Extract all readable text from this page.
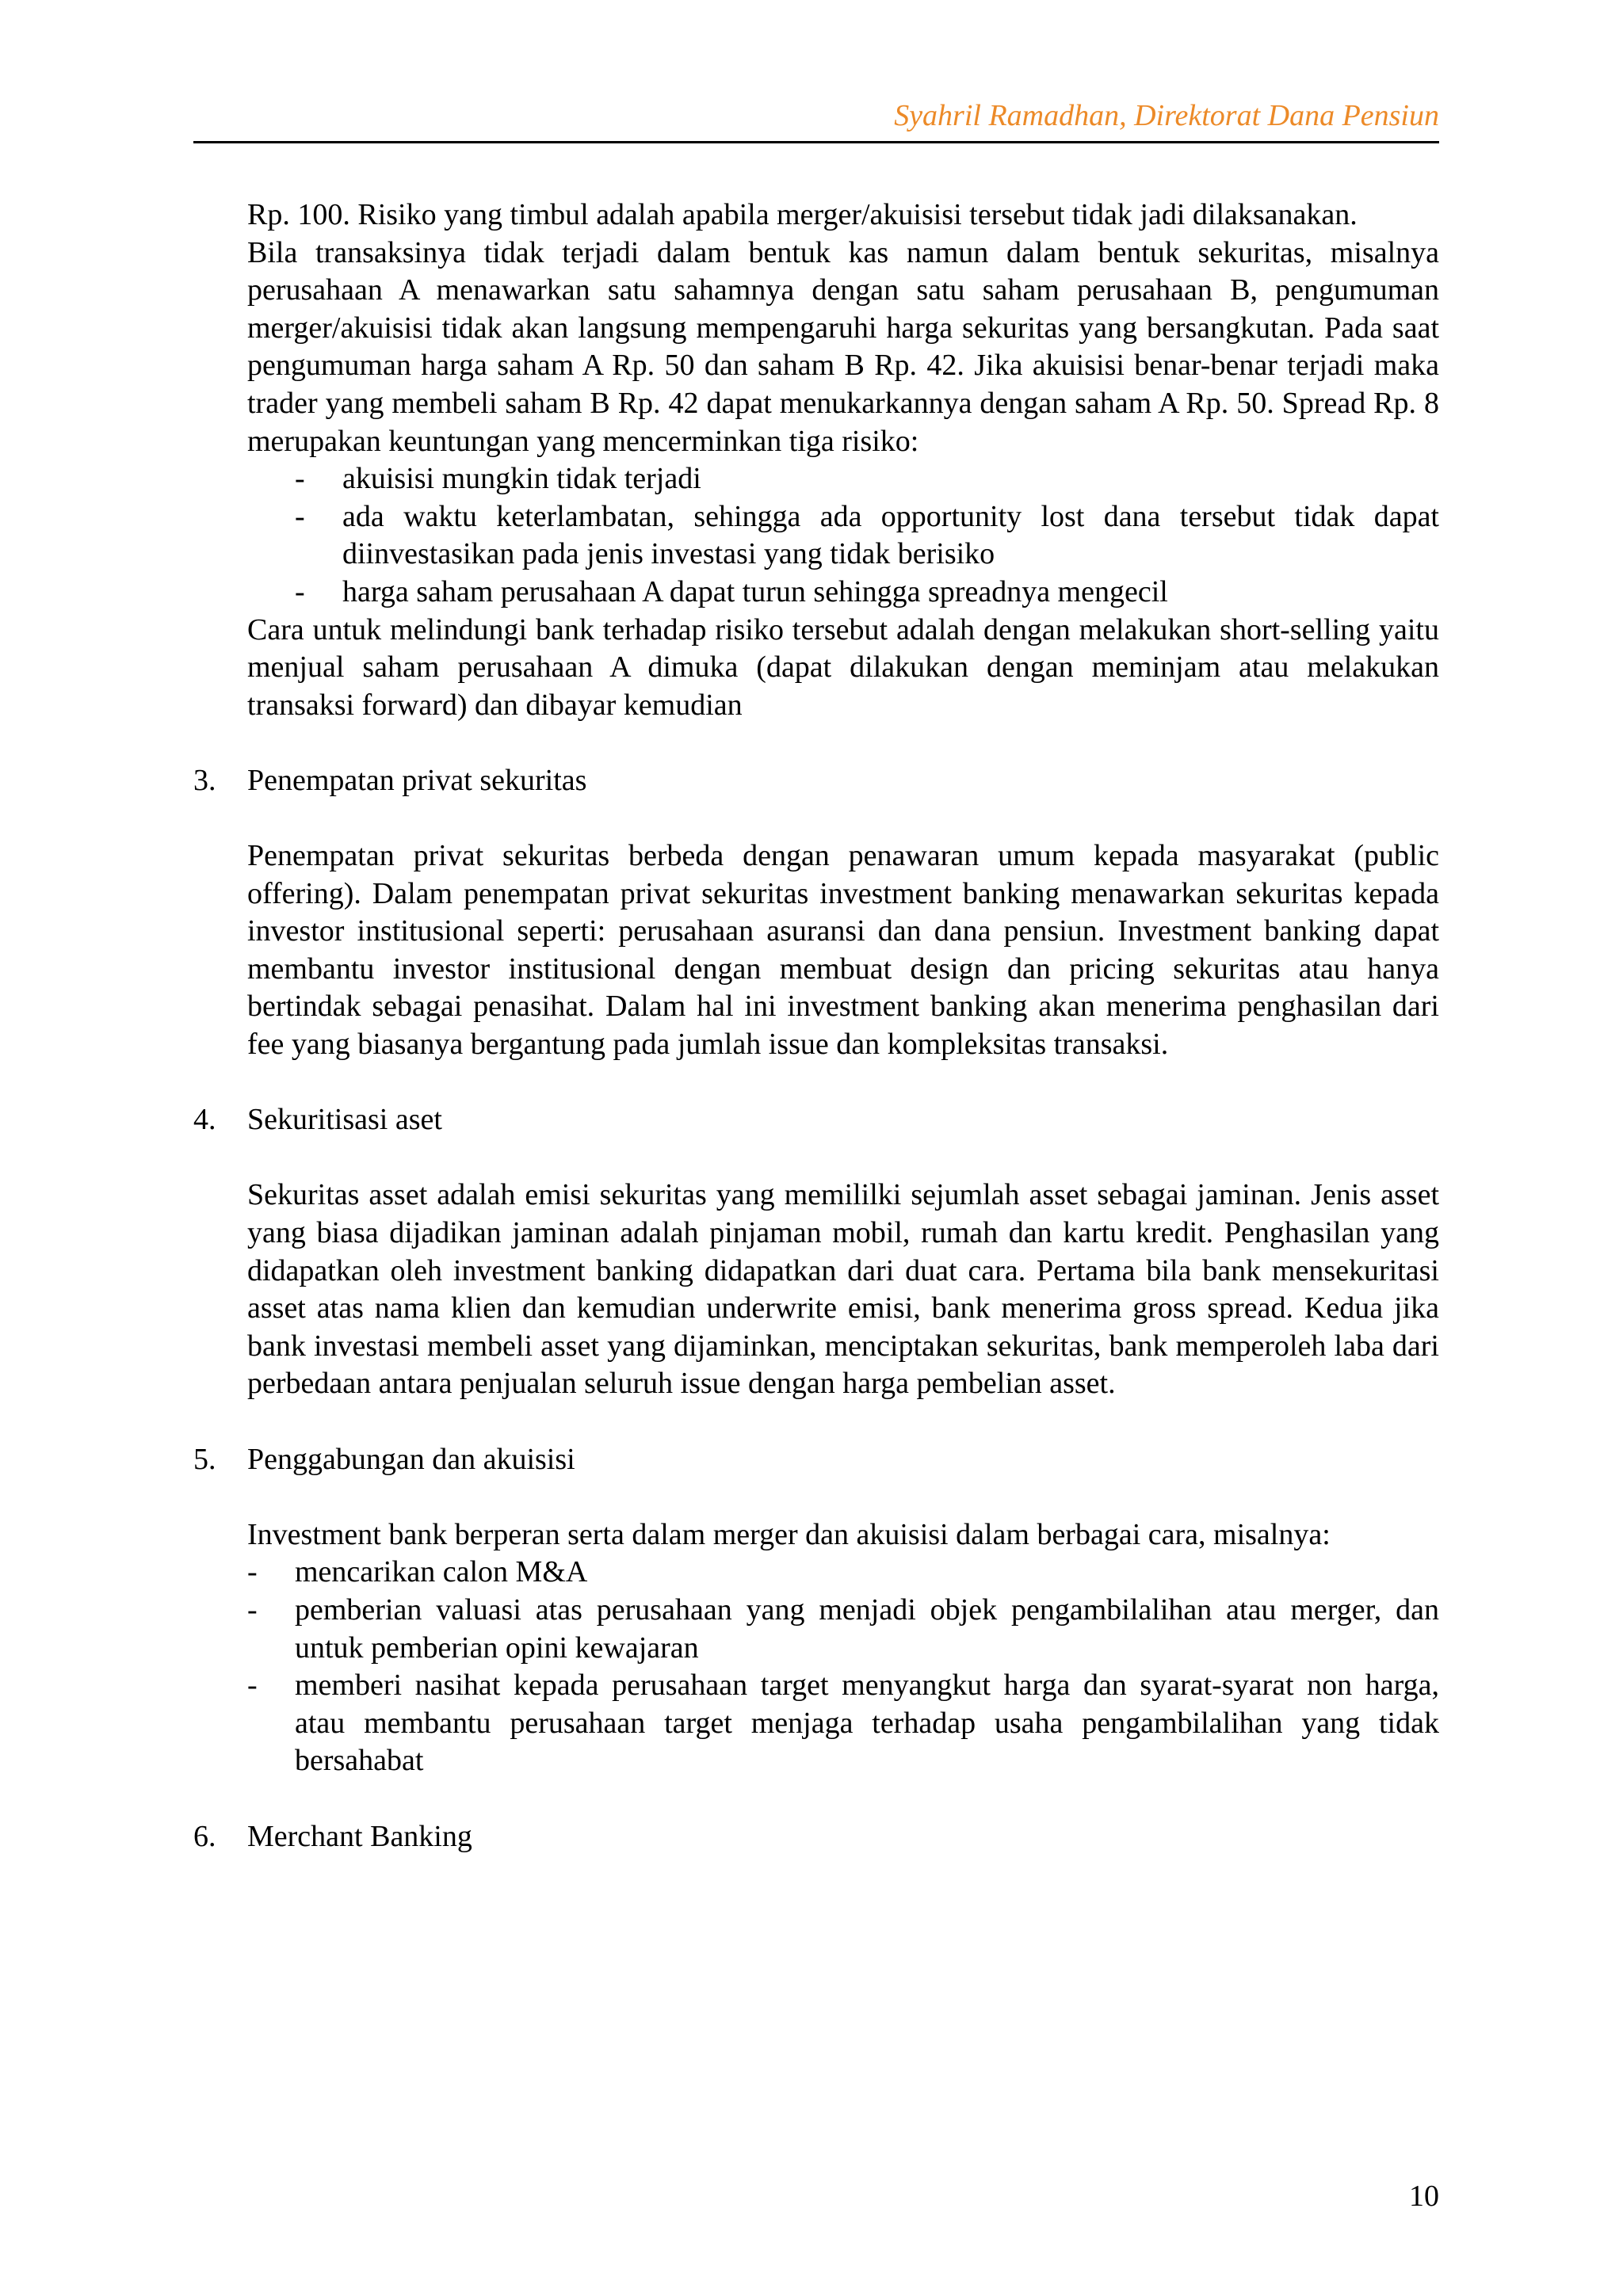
Syahril Ramadhan, Direktorat Dana Pensiun

Rp. 100. Risiko yang timbul adalah apabila merger/akuisisi tersebut tidak jadi dilaksanakan.

Bila transaksinya tidak terjadi dalam bentuk kas namun dalam bentuk sekuritas, misalnya perusahaan A menawarkan satu sahamnya dengan satu saham perusahaan B, pengumuman merger/akuisisi tidak akan langsung mempengaruhi harga sekuritas yang bersangkutan. Pada saat pengumuman harga saham A Rp. 50 dan saham B Rp. 42. Jika akuisisi benar-benar terjadi maka trader yang membeli saham B Rp. 42 dapat menukarkannya dengan saham A Rp. 50. Spread Rp. 8 merupakan keuntungan yang mencerminkan tiga risiko:

- akuisisi mungkin tidak terjadi
- ada waktu keterlambatan, sehingga ada opportunity lost dana tersebut tidak dapat diinvestasikan pada jenis investasi yang tidak berisiko
- harga saham perusahaan A dapat turun sehingga spreadnya mengecil

Cara untuk melindungi bank terhadap risiko tersebut adalah dengan melakukan short-selling yaitu menjual saham perusahaan A dimuka (dapat dilakukan dengan meminjam atau melakukan transaksi forward) dan dibayar kemudian

3. Penempatan privat sekuritas

Penempatan privat sekuritas berbeda dengan penawaran umum kepada masyarakat (public offering). Dalam penempatan privat sekuritas investment banking menawarkan sekuritas kepada investor institusional seperti: perusahaan asuransi dan dana pensiun. Investment banking dapat membantu investor institusional dengan membuat design dan pricing sekuritas atau hanya bertindak sebagai penasihat. Dalam hal ini investment banking akan menerima penghasilan dari fee yang biasanya bergantung pada jumlah issue dan kompleksitas transaksi.

4. Sekuritisasi aset

Sekuritas asset adalah emisi sekuritas yang memililki sejumlah asset sebagai jaminan. Jenis asset yang biasa dijadikan jaminan adalah pinjaman mobil, rumah dan kartu kredit. Penghasilan yang didapatkan oleh investment banking didapatkan dari duat cara. Pertama bila bank mensekuritasi asset atas nama klien dan kemudian underwrite emisi, bank menerima gross spread. Kedua jika bank investasi membeli asset yang dijaminkan, menciptakan sekuritas, bank memperoleh laba dari perbedaan antara penjualan seluruh issue dengan harga pembelian asset.

5. Penggabungan dan akuisisi

Investment bank berperan serta dalam merger dan akuisisi dalam berbagai cara, misalnya:

- mencarikan calon M&A
- pemberian valuasi atas perusahaan yang menjadi objek pengambilalihan atau merger, dan untuk pemberian opini kewajaran
- memberi nasihat kepada perusahaan target menyangkut harga dan syarat-syarat non harga, atau membantu perusahaan target menjaga terhadap usaha pengambilalihan yang tidak bersahabat
6. Merchant Banking
10
